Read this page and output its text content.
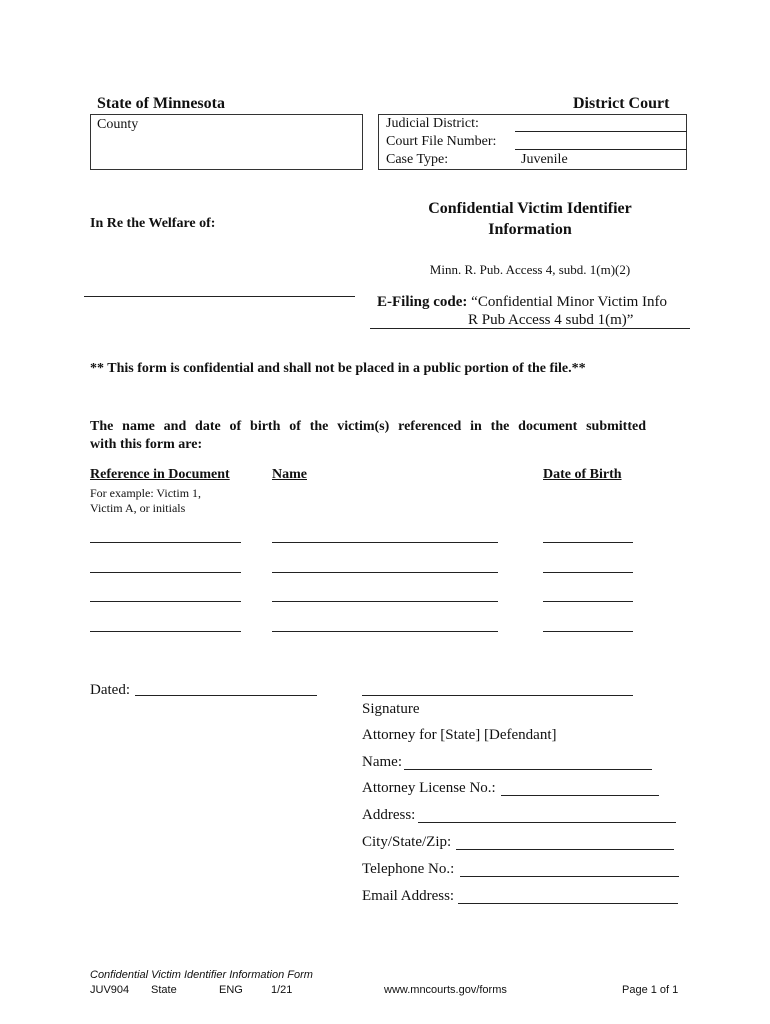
State of Minnesota	District Court
County	Judicial District:
Court File Number:
Case Type:	Juvenile
In Re the Welfare of:
Confidential Victim Identifier
Information
Minn. R. Pub. Access 4, subd. 1(m)(2)
E-Filing code: “Confidential Minor Victim Info
R Pub Access 4 subd 1(m)”
** This form is confidential and shall not be placed in a public portion of the file.**
The name and date of birth of the victim(s) referenced in the document submitted
with this form are:
Reference in Document	Name	Date of Birth
For example: Victim 1,
Victim A, or initials
Dated:
Signature
Attorney for [State] [Defendant]
Name:
Attorney License No.:
Address:
City/State/Zip:
Telephone No.:
Email Address:
Confidential Victim Identifier Information Form
JUV904 State	ENG	1/21	www.mncourts.gov/forms	Page 1 of 1
